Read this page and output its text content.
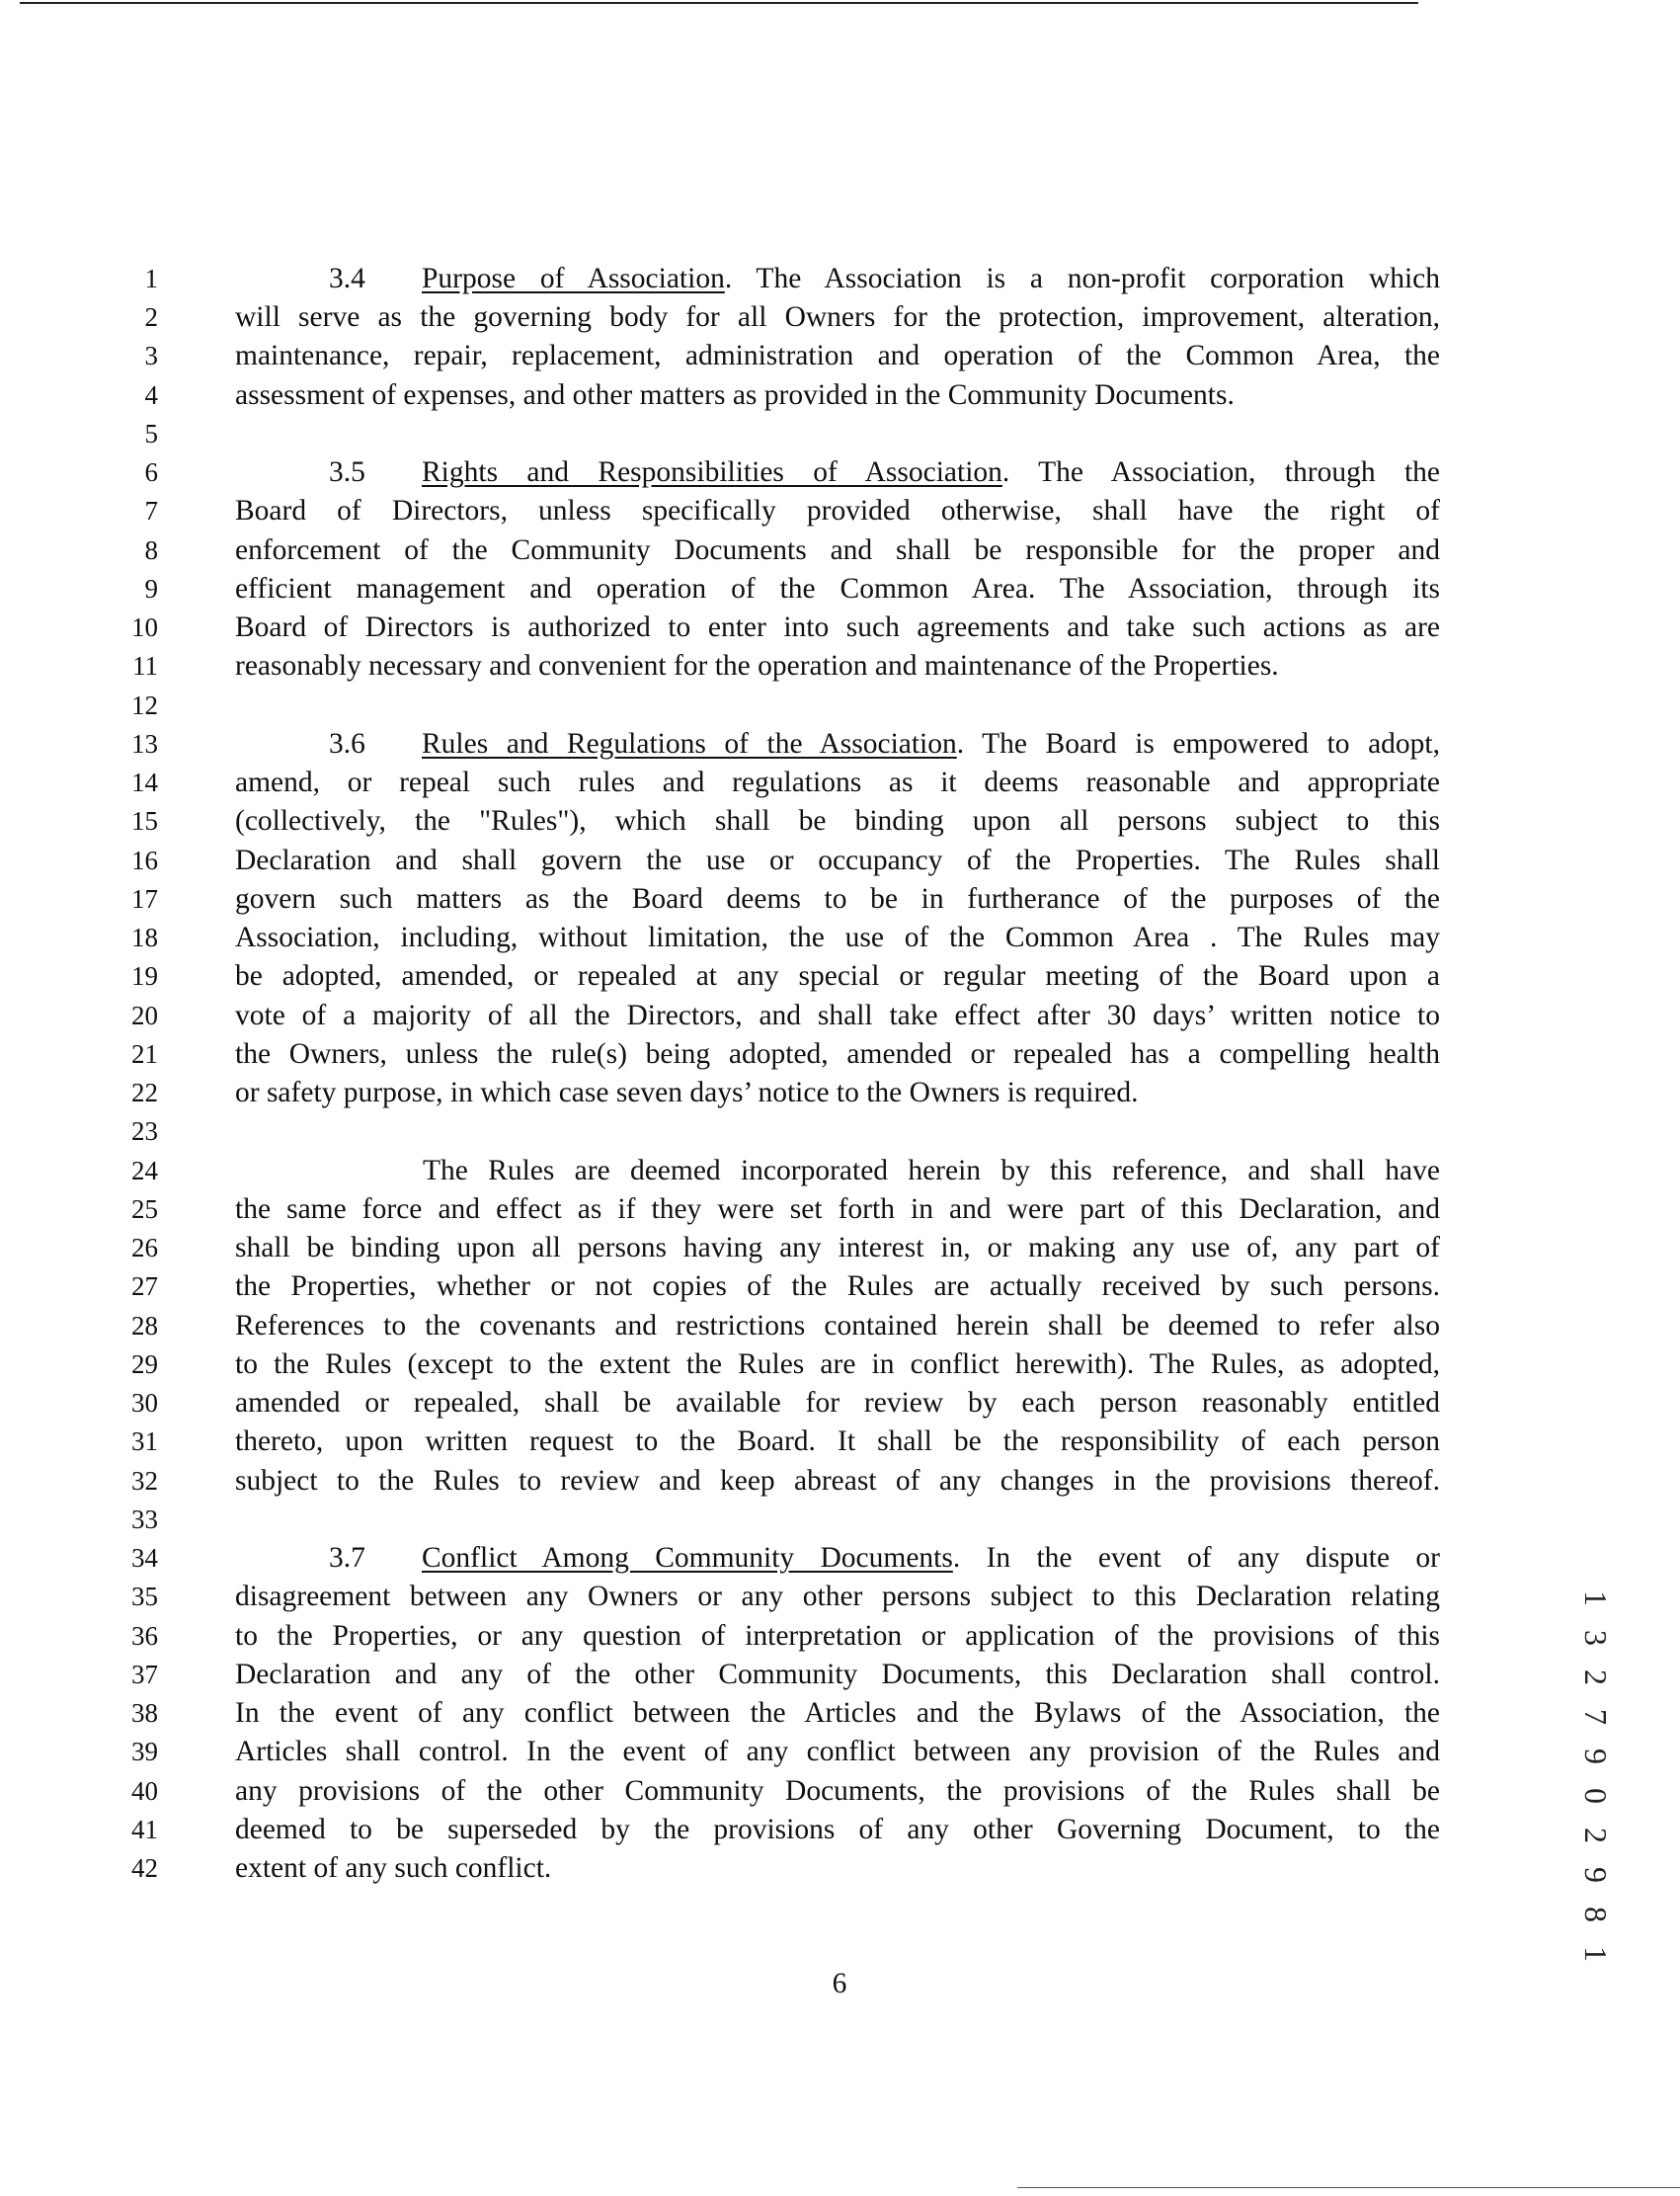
1
2
3
4
5
6
7
8
9
10
11
12
13
14
15
16
17
18
19
20
21
22
23
24
25
26
27
28
29
30
31
32
33
34
35
36
37
38
39
40
41
42
3.4 Purpose of Association. The Association is a non-profit corporation which
will serve as the governing body for all Owners for the protection, improvement, alteration,
maintenance, repair, replacement, administration and operation of the Common Area, the
assessment of expenses, and other matters as provided in the Community Documents.
3.5 Rights and Responsibilities of Association. The Association, through the
Board of Directors, unless specifically provided otherwise, shall have the right of
enforcement of the Community Documents and shall be responsible for the proper and
efficient management and operation of the Common Area. The Association, through its
Board of Directors is authorized to enter into such agreements and take such actions as are
reasonably necessary and convenient for the operation and maintenance of the Properties.
3.6 Rules and Regulations of the Association. The Board is empowered to adopt,
amend, or repeal such rules and regulations as it deems reasonable and appropriate
(collectively, the "Rules"), which shall be binding upon all persons subject to this
Declaration and shall govern the use or occupancy of the Properties. The Rules shall
govern such matters as the Board deems to be in furtherance of the purposes of the
Association, including, without limitation, the use of the Common Area . The Rules may
be adopted, amended, or repealed at any special or regular meeting of the Board upon a
vote of a majority of all the Directors, and shall take effect after 30 days’ written notice to
the Owners, unless the rule(s) being adopted, amended or repealed has a compelling health
or safety purpose, in which case seven days’ notice to the Owners is required.
The Rules are deemed incorporated herein by this reference, and shall have
the same force and effect as if they were set forth in and were part of this Declaration, and
shall be binding upon all persons having any interest in, or making any use of, any part of
the Properties, whether or not copies of the Rules are actually received by such persons.
References to the covenants and restrictions contained herein shall be deemed to refer also
to the Rules (except to the extent the Rules are in conflict herewith). The Rules, as adopted,
amended or repealed, shall be available for review by each person reasonably entitled
thereto, upon written request to the Board. It shall be the responsibility of each person
subject to the Rules to review and keep abreast of any changes in the provisions thereof.
3.7 Conflict Among Community Documents. In the event of any dispute or
disagreement between any Owners or any other persons subject to this Declaration relating
to the Properties, or any question of interpretation or application of the provisions of this
Declaration and any of the other Community Documents, this Declaration shall control.
In the event of any conflict between the Articles and the Bylaws of the Association, the
Articles shall control. In the event of any conflict between any provision of the Rules and
any provisions of the other Community Documents, the provisions of the Rules shall be
deemed to be superseded by the provisions of any other Governing Document, to the
extent of any such conflict.	1 3 2 7 9 0 2 9 8 1
6
